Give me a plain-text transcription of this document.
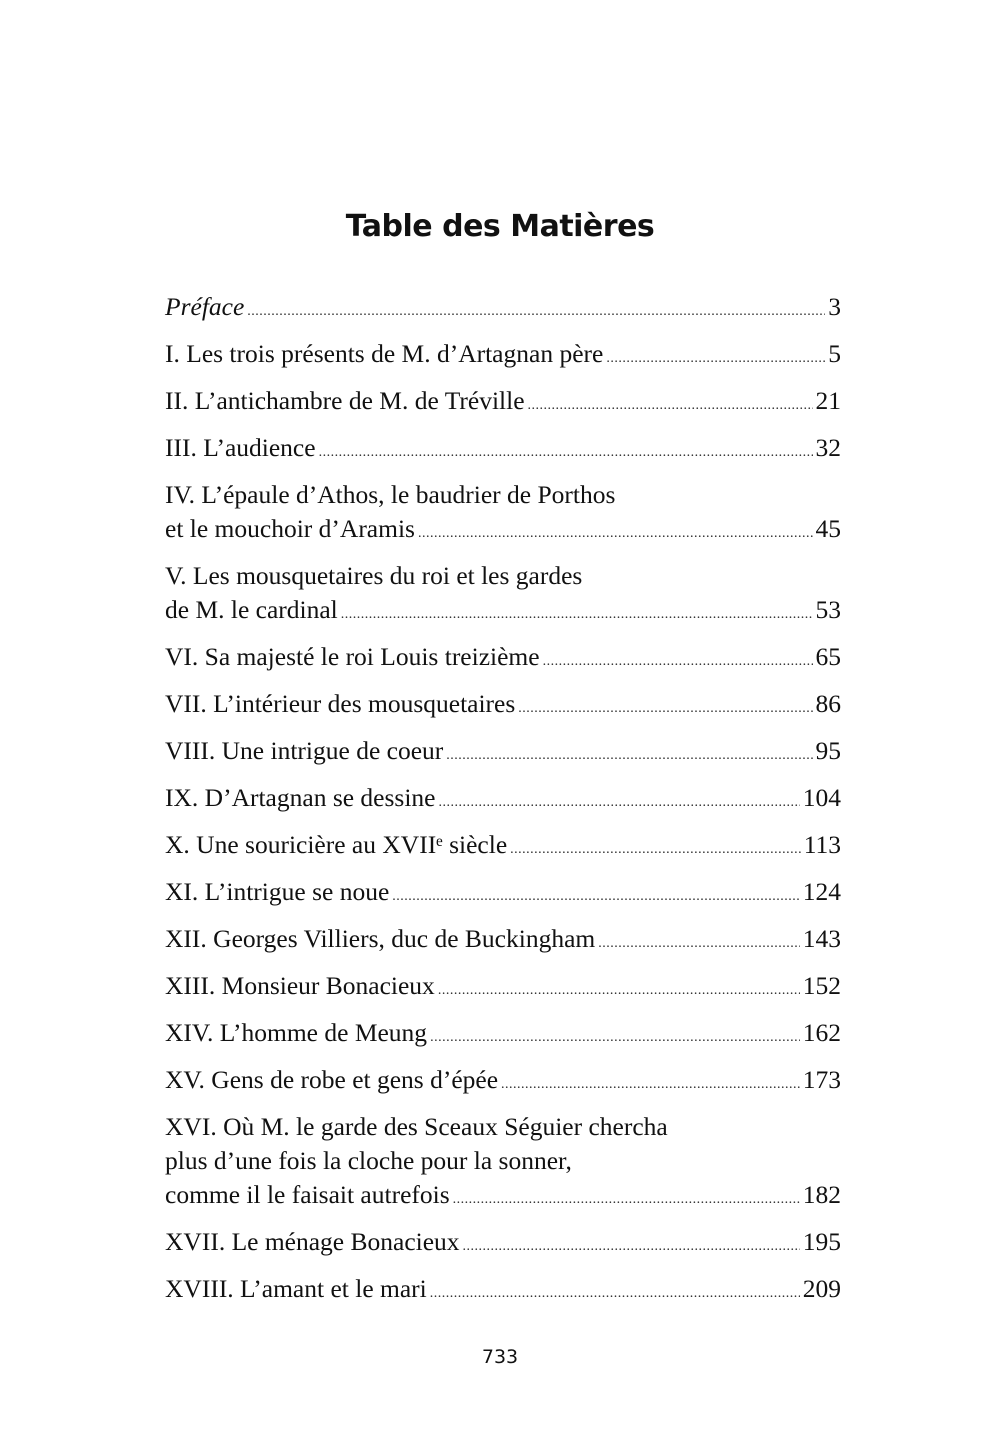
Table des Matières
Préface .....	3
I. Les trois présents de M. d’Artagnan père .....	5
II. L’antichambre de M. de Tréville .....	21
III. L’audience .....	32
IV. L’épaule d’Athos, le baudrier de Porthos
et le mouchoir d’Aramis .....	45
V. Les mousquetaires du roi et les gardes
de M. le cardinal .....	53
VI. Sa majesté le roi Louis treizième .....	65
VII. L’intérieur des mousquetaires .....	86
VIII. Une intrigue de coeur .....	95
IX. D’Artagnan se dessine .....	104
X. Une souricière au XVIIᵉ siècle .....	113
XI. L’intrigue se noue .....	124
XII. Georges Villiers, duc de Buckingham .....	143
XIII. Monsieur Bonacieux .....	152
XIV. L’homme de Meung .....	162
XV. Gens de robe et gens d’épée .....	173
XVI. Où M. le garde des Sceaux Séguier chercha
plus d’une fois la cloche pour la sonner,
comme il le faisait autrefois .....	182
XVII. Le ménage Bonacieux .....	195
XVIII. L’amant et le mari .....	209
733
